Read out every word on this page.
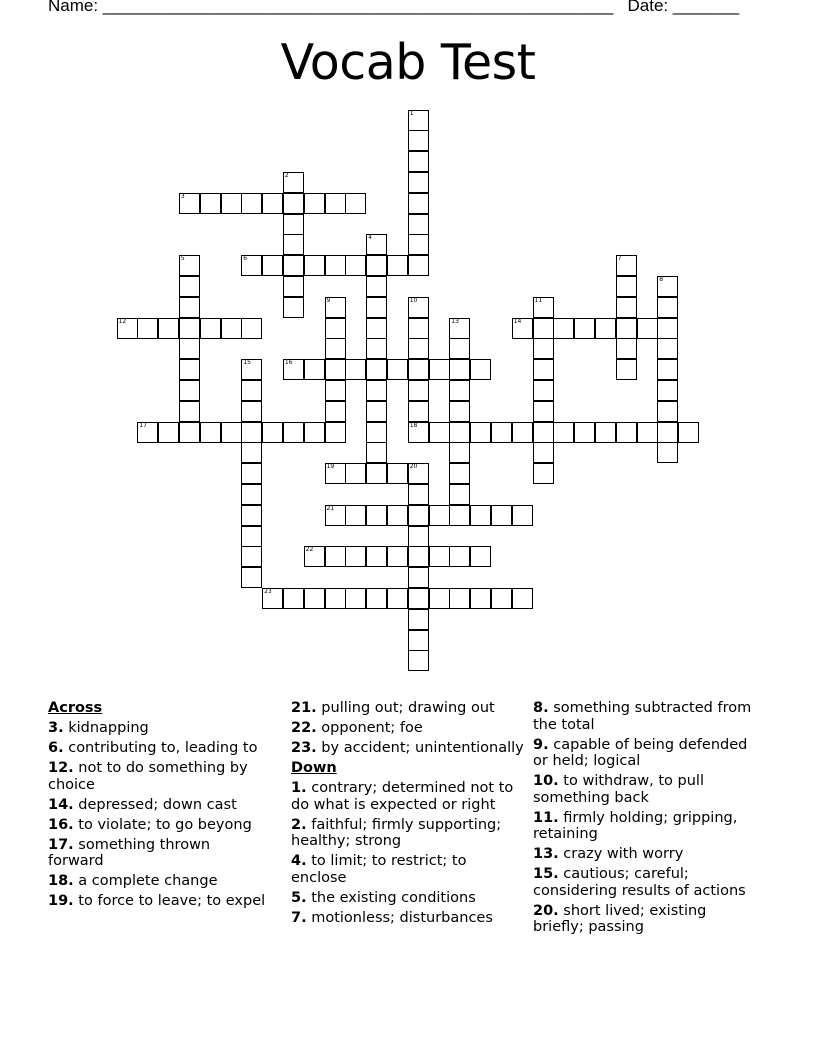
Name: ______________________________________________________ Date: _______
Vocab Test
1
2
3
4
5	6	7
8
9	10
18
11
12	13	14
15	16
17
19	20
21
22
23
Across
3. kidnapping
6. contributing to, leading to
12. not to do something by choice
14. depressed; down cast
16. to violate; to go beyong
17. something thrown forward
18. a complete change
19. to force to leave; to expel
21. pulling out; drawing out
22. opponent; foe
23. by accident; unintentionally
Down
1. contrary; determined not to do what is expected or right
2. faithful; firmly supporting; healthy; strong
4. to limit; to restrict; to enclose
5. the existing conditions
7. motionless; disturbances
8. something subtracted from the total
9. capable of being defended or held; logical
10. to withdraw, to pull something back
11. firmly holding; gripping, retaining
13. crazy with worry
15. cautious; careful; considering results of actions
20. short lived; existing briefly; passing
